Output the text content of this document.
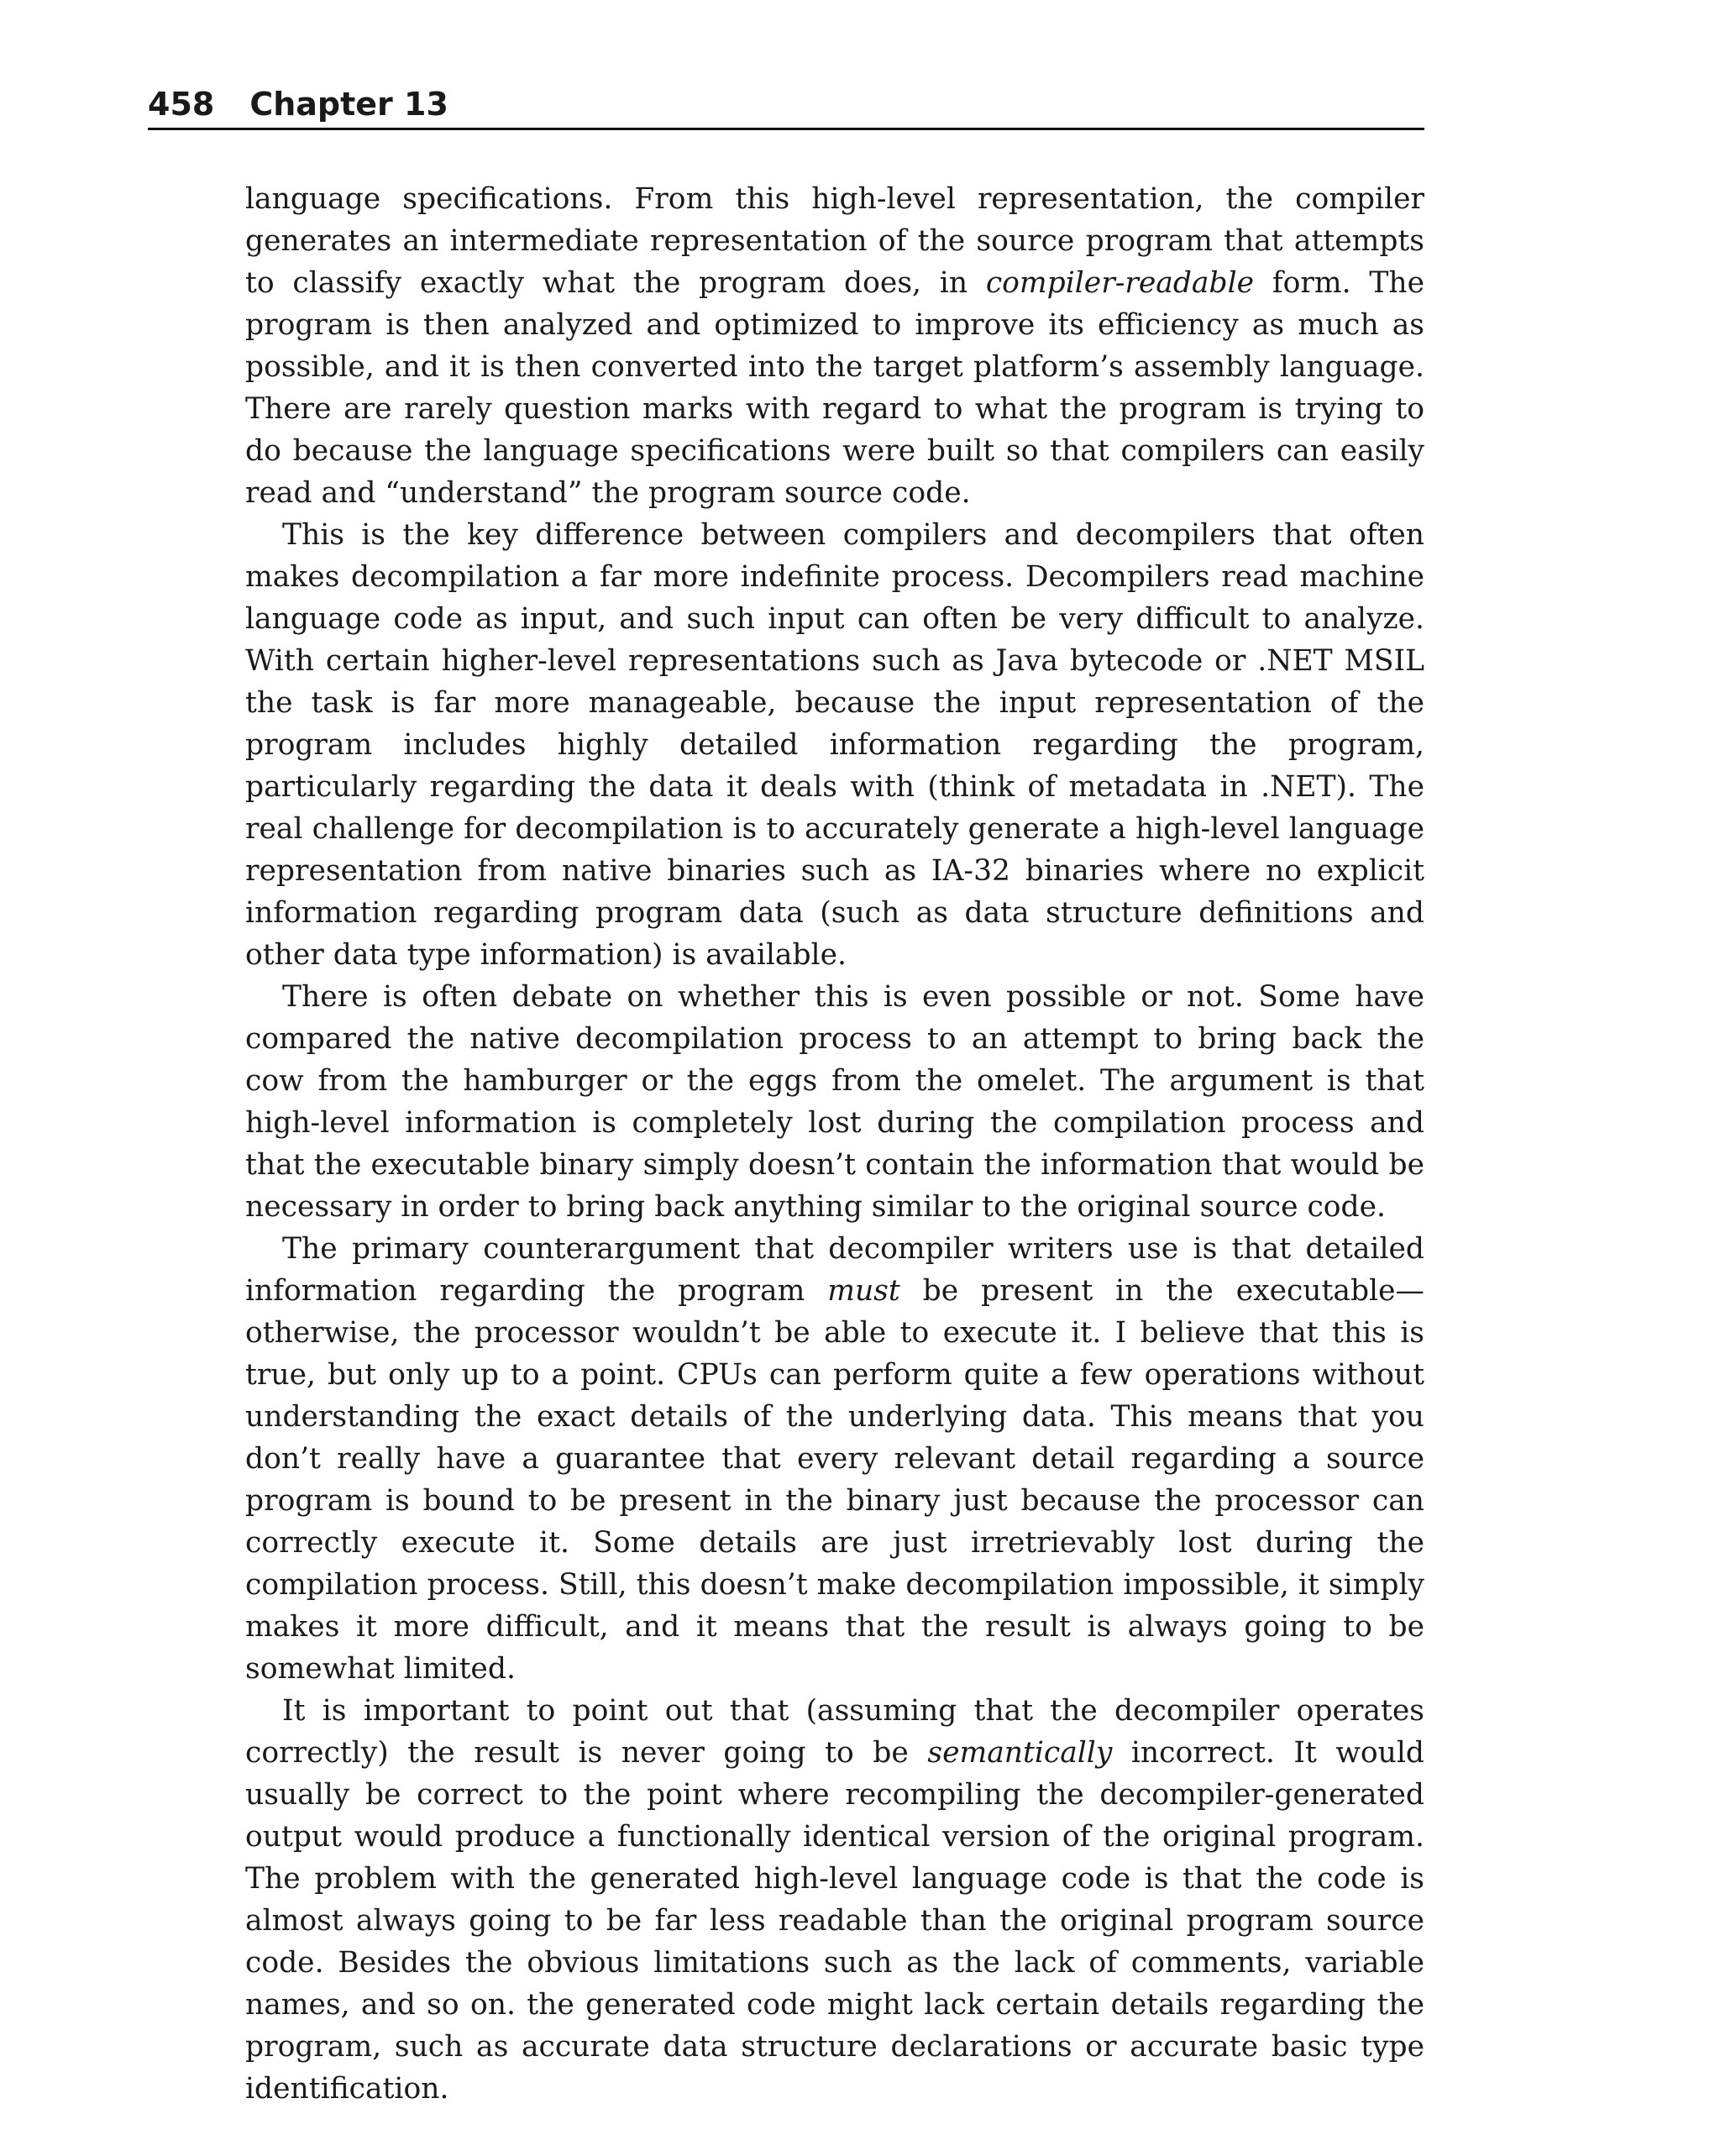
458 Chapter 13

language specifications. From this high-level representation, the compiler generates an intermediate representation of the source program that attempts to classify exactly what the program does, in compiler-readable form. The program is then analyzed and optimized to improve its efficiency as much as possible, and it is then converted into the target platform’s assembly language. There are rarely question marks with regard to what the program is trying to do because the language specifications were built so that compilers can easily read and “understand” the program source code.

This is the key difference between compilers and decompilers that often makes decompilation a far more indefinite process. Decompilers read machine language code as input, and such input can often be very difficult to analyze. With certain higher-level representations such as Java bytecode or .NET MSIL the task is far more manageable, because the input representation of the program includes highly detailed information regarding the program, particularly regarding the data it deals with (think of metadata in .NET). The real challenge for decompilation is to accurately generate a high-level language representation from native binaries such as IA-32 binaries where no explicit information regarding program data (such as data structure definitions and other data type information) is available.

There is often debate on whether this is even possible or not. Some have compared the native decompilation process to an attempt to bring back the cow from the hamburger or the eggs from the omelet. The argument is that high-level information is completely lost during the compilation process and that the executable binary simply doesn’t contain the information that would be necessary in order to bring back anything similar to the original source code.

The primary counterargument that decompiler writers use is that detailed information regarding the program must be present in the executable—otherwise, the processor wouldn’t be able to execute it. I believe that this is true, but only up to a point. CPUs can perform quite a few operations without understanding the exact details of the underlying data. This means that you don’t really have a guarantee that every relevant detail regarding a source program is bound to be present in the binary just because the processor can correctly execute it. Some details are just irretrievably lost during the compilation process. Still, this doesn’t make decompilation impossible, it simply makes it more difficult, and it means that the result is always going to be somewhat limited.

It is important to point out that (assuming that the decompiler operates correctly) the result is never going to be semantically incorrect. It would usually be correct to the point where recompiling the decompiler-generated output would produce a functionally identical version of the original program. The problem with the generated high-level language code is that the code is almost always going to be far less readable than the original program source code. Besides the obvious limitations such as the lack of comments, variable names, and so on. the generated code might lack certain details regarding the program, such as accurate data structure declarations or accurate basic type identification.
